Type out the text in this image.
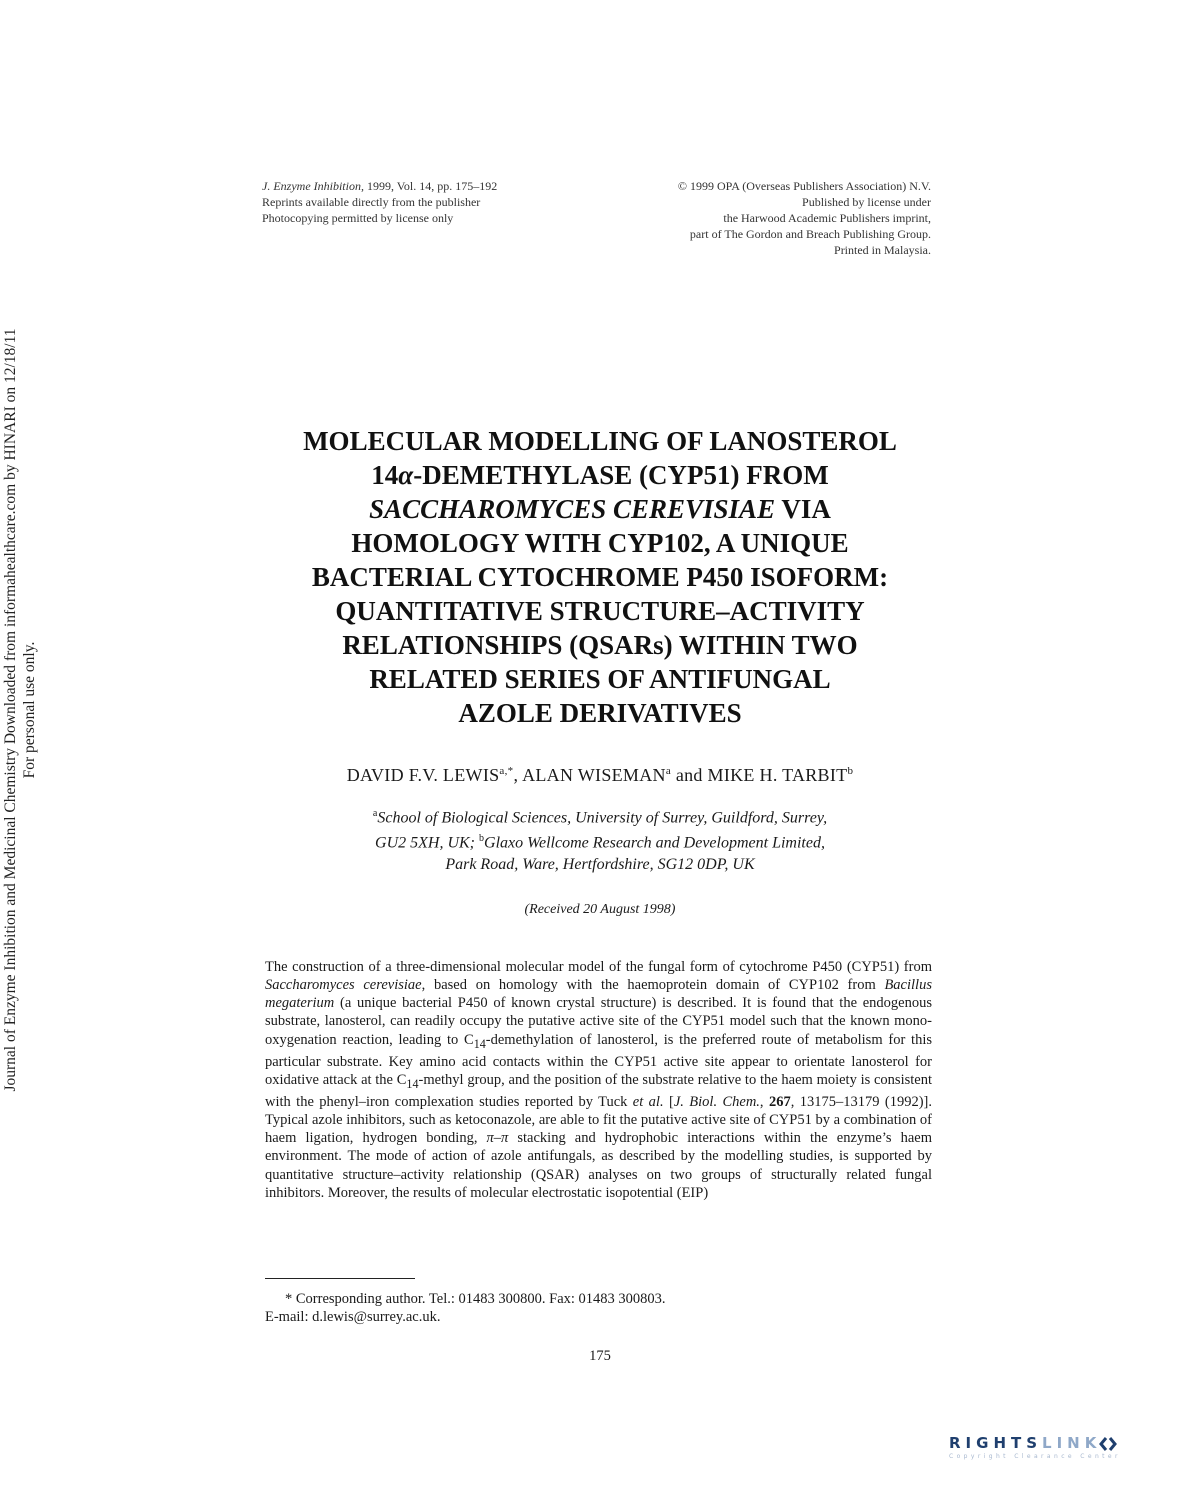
Journal of Enzyme Inhibition and Medicinal Chemistry Downloaded from informahealthcare.com by HINARI on 12/18/11 For personal use only.
J. Enzyme Inhibition, 1999, Vol. 14, pp. 175–192
Reprints available directly from the publisher
Photocopying permitted by license only
© 1999 OPA (Overseas Publishers Association) N.V.
Published by license under
the Harwood Academic Publishers imprint,
part of The Gordon and Breach Publishing Group.
Printed in Malaysia.
MOLECULAR MODELLING OF LANOSTEROL
14α-DEMETHYLASE (CYP51) FROM
SACCHAROMYCES CEREVISIAE VIA
HOMOLOGY WITH CYP102, A UNIQUE
BACTERIAL CYTOCHROME P450 ISOFORM:
QUANTITATIVE STRUCTURE–ACTIVITY
RELATIONSHIPS (QSARs) WITHIN TWO
RELATED SERIES OF ANTIFUNGAL
AZOLE DERIVATIVES
DAVID F.V. $LEWIS^{a,*}$, ALAN WISEMAN$^a$ and MIKE H. TARBIT$^b$
$^a$School of Biological Sciences, University of Surrey, Guildford, Surrey,
GU2 5XH, UK; $^b$Glaxo Wellcome Research and Development Limited,
Park Road, Ware, Hertfordshire, SG12 0DP, UK
(Received 20 August 1998)

The construction of a three-dimensional molecular model of the fungal form of cytochrome P450 (CYP51) from Saccharomyces cerevisiae, based on homology with the haemoprotein domain of CYP102 from Bacillus megaterium (a unique bacterial P450 of known crystal structure) is described. It is found that the endogenous substrate, lanosterol, can readily occupy the putative active site of the CYP51 model such that the known mono-oxygenation reaction, leading to $C_{14}$-demethylation of lanosterol, is the preferred route of metabolism for this particular substrate. Key amino acid contacts within the CYP51 active site appear to orientate lanosterol for oxidative attack at the $C_{14}$-methyl group, and the position of the substrate relative to the haem moiety is consistent with the phenyl–iron complexation studies reported by Tuck et al. [J. Biol. Chem., 267, 13175–13179 (1992)]. Typical azole inhibitors, such as ketoconazole, are able to fit the putative active site of CYP51 by a combination of haem ligation, hydrogen bonding, π–π stacking and hydrophobic interactions within the enzyme’s haem environment. The mode of action of azole antifungals, as described by the modelling studies, is supported by quantitative structure–activity relationship (QSAR) analyses on two groups of structurally related fungal inhibitors. Moreover, the results of molecular electrostatic isopotential (EIP)

* Corresponding author. Tel.: 01483 300800. Fax: 01483 300803.
E-mail: d.lewis@surrey.ac.uk.
175
RIGHTSLINK
Copyright Clearance Center
